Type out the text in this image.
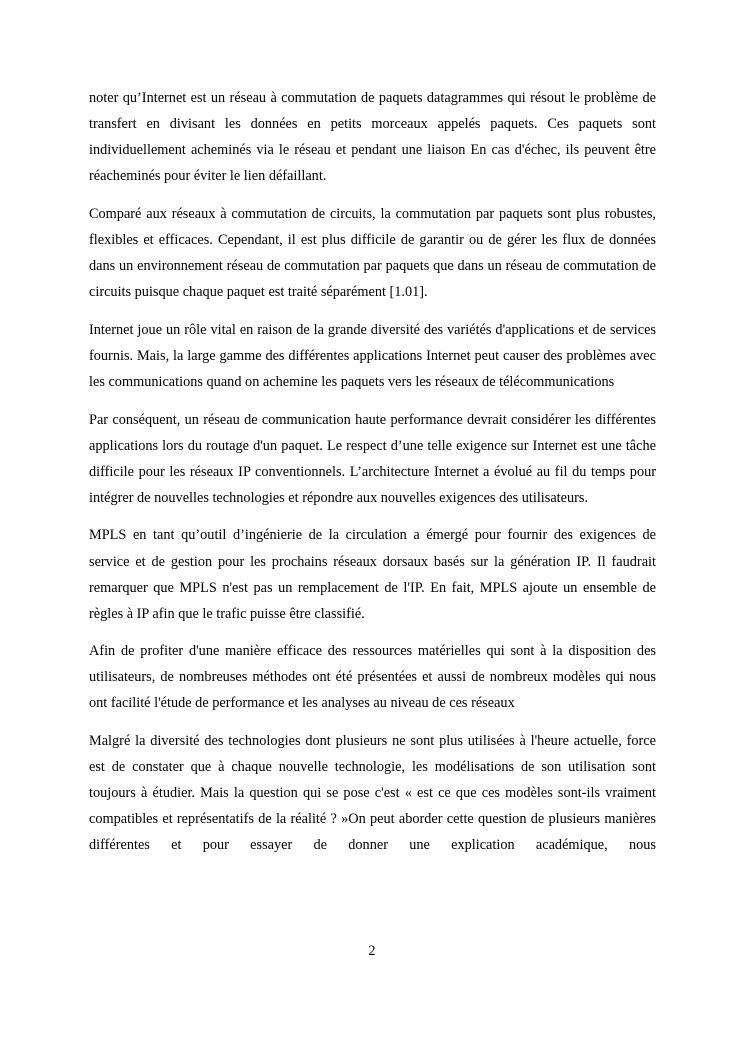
noter qu’Internet est un réseau à commutation de paquets datagrammes qui résout le problème de transfert en divisant les données en petits morceaux appelés paquets. Ces paquets sont individuellement acheminés via le réseau et pendant une liaison En cas d'échec, ils peuvent être réacheminés pour éviter le lien défaillant.

Comparé aux réseaux à commutation de circuits, la commutation par paquets sont plus robustes, flexibles et efficaces. Cependant, il est plus difficile de garantir ou de gérer les flux de données dans un environnement réseau de commutation par paquets que dans un réseau de commutation de circuits puisque chaque paquet est traité séparément [1.01].

Internet joue un rôle vital en raison de la grande diversité des variétés d'applications et de services fournis. Mais, la large gamme des différentes applications Internet peut causer des problèmes avec les communications quand on achemine les paquets vers les réseaux de télécommunications

Par conséquent, un réseau de communication haute performance devrait considérer les différentes applications lors du routage d'un paquet. Le respect d’une telle exigence sur Internet est une tâche difficile pour les réseaux IP conventionnels. L’architecture Internet a évolué au fil du temps pour intégrer de nouvelles technologies et répondre aux nouvelles exigences des utilisateurs.

MPLS en tant qu’outil d’ingénierie de la circulation a émergé pour fournir des exigences de service et de gestion pour les prochains réseaux dorsaux basés sur la génération IP. Il faudrait remarquer que MPLS n'est pas un remplacement de l'IP. En fait, MPLS ajoute un ensemble de règles à IP afin que le trafic puisse être classifié.

Afin de profiter d'une manière efficace des ressources matérielles qui sont à la disposition des utilisateurs, de nombreuses méthodes ont été présentées et aussi de nombreux modèles qui nous ont facilité l'étude de performance et les analyses au niveau de ces réseaux

Malgré la diversité des technologies dont plusieurs ne sont plus utilisées à l'heure actuelle, force est de constater que à chaque nouvelle technologie, les modélisations de son utilisation sont toujours à étudier. Mais la question qui se pose c'est « est ce que ces modèles sont-ils vraiment compatibles et représentatifs de la réalité ? »On peut aborder cette question de plusieurs manières différentes et pour essayer de donner une explication académique, nous

2
